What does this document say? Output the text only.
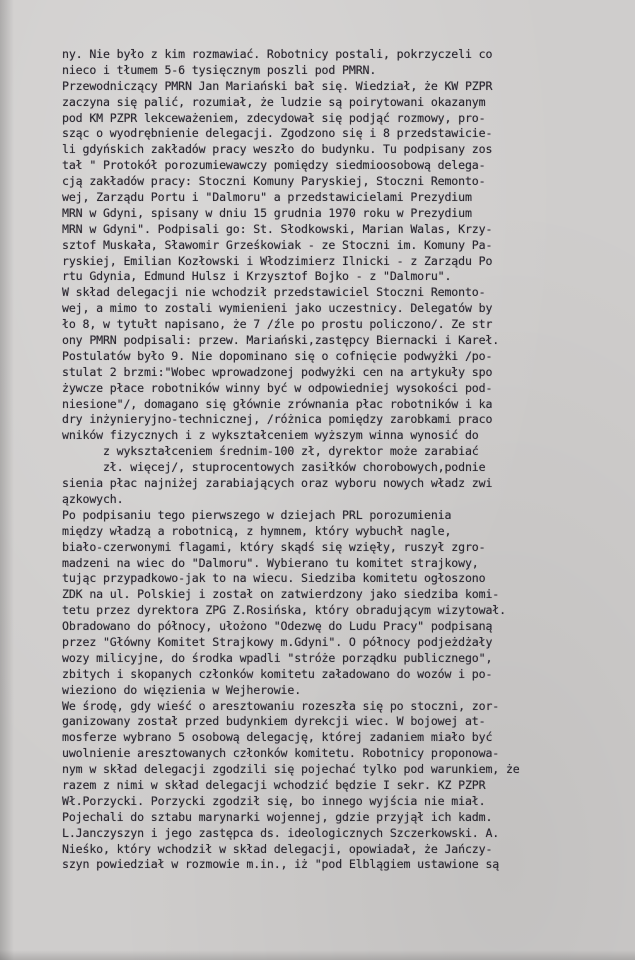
ny. Nie było z kim rozmawiać. Robotnicy postali, pokrzyczeli co
nieco i tłumem 5-6 tysięcznym poszli pod PMRN.
Przewodniczący PMRN Jan Mariański bał się. Wiedział, że KW PZPR
zaczyna się palić, rozumiał, że ludzie są poirytowani okazanym
pod KM PZPR lekceważeniem, zdecydował się podjąć rozmowy, pro-
sząc o wyodrębnienie delegacji. Zgodzono się i 8 przedstawicie-
li gdyńskich zakładów pracy weszło do budynku. Tu podpisany zos
tał " Protokół porozumiewawczy pomiędzy siedmioosobową delega-
cją zakładów pracy: Stoczni Komuny Paryskiej, Stoczni Remonto-
wej, Zarządu Portu i "Dalmoru" a przedstawicielami Prezydium
MRN w Gdyni, spisany w dniu 15 grudnia 1970 roku w Prezydium
MRN w Gdyni". Podpisali go: St. Słodkowski, Marian Walas, Krzy-
sztof Muskała, Sławomir Grześkowiak - ze Stoczni im. Komuny Pa-
ryskiej, Emilian Kozłowski i Włodzimierz Ilnicki - z Zarządu Po
rtu Gdynia, Edmund Hulsz i Krzysztof Bojko - z "Dalmoru".
W skład delegacji nie wchodził przedstawiciel Stoczni Remonto-
wej, a mimo to zostali wymienieni jako uczestnicy. Delegatów by
ło 8, w tytułt napisano, że 7 /źle po prostu policzono/. Ze str
ony PMRN podpisali: przew. Mariański,zastępcy Biernacki i Kareł.
Postulatów było 9. Nie dopominano się o cofnięcie podwyżki /po-
stulat 2 brzmi:"Wobec wprowadzonej podwyżki cen na artykuły spo
żywcze płace robotników winny być w odpowiedniej wysokości pod-
niesione"/, domagano się głównie zrównania płac robotników i ka
dry inżynieryjno-technicznej, /różnica pomiędzy zarobkami praco
wników fizycznych i z wykształceniem wyższym winna wynosić do
z wykształceniem średnim-100 zł, dyrektor może zarabiać
zł. więcej/, stuprocentowych zasiłków chorobowych,podnie
sienia płac najniżej zarabiających oraz wyboru nowych władz zwi
ązkowych.
Po podpisaniu tego pierwszego w dziejach PRL porozumienia
między władzą a robotnicą, z hymnem, który wybuchł nagle,
biało-czerwonymi flagami, który skądś się wzięły, ruszył zgro-
madzeni na wiec do "Dalmoru". Wybierano tu komitet strajkowy,
tując przypadkowo-jak to na wiecu. Siedziba komitetu ogłoszono
ZDK na ul. Polskiej i został on zatwierdzony jako siedziba komi-
tetu przez dyrektora ZPG Z.Rosińska, który obradującym wizytował.
Obradowano do północy, ułożono "Odezwę do Ludu Pracy" podpisaną
przez "Główny Komitet Strajkowy m.Gdyni". O północy podjeżdżały
wozy milicyjne, do środka wpadli "stróże porządku publicznego",
zbitych i skopanych członków komitetu załadowano do wozów i po-
wieziono do więzienia w Wejherowie.
We środę, gdy wieść o aresztowaniu rozeszła się po stoczni, zor-
ganizowany został przed budynkiem dyrekcji wiec. W bojowej at-
mosferze wybrano 5 osobową delegację, której zadaniem miało być
uwolnienie aresztowanych członków komitetu. Robotnicy proponowa-
nym w skład delegacji zgodzili się pojechać tylko pod warunkiem, że
razem z nimi w skład delegacji wchodzić będzie I sekr. KZ PZPR
Wł.Porzycki. Porzycki zgodził się, bo innego wyjścia nie miał.
Pojechali do sztabu marynarki wojennej, gdzie przyjął ich kadm.
L.Janczyszyn i jego zastępca ds. ideologicznych Szczerkowski. A.
Nieśko, który wchodził w skład delegacji, opowiadał, że Jańczy-
szyn powiedział w rozmowie m.in., iż "pod Elblągiem ustawione są
